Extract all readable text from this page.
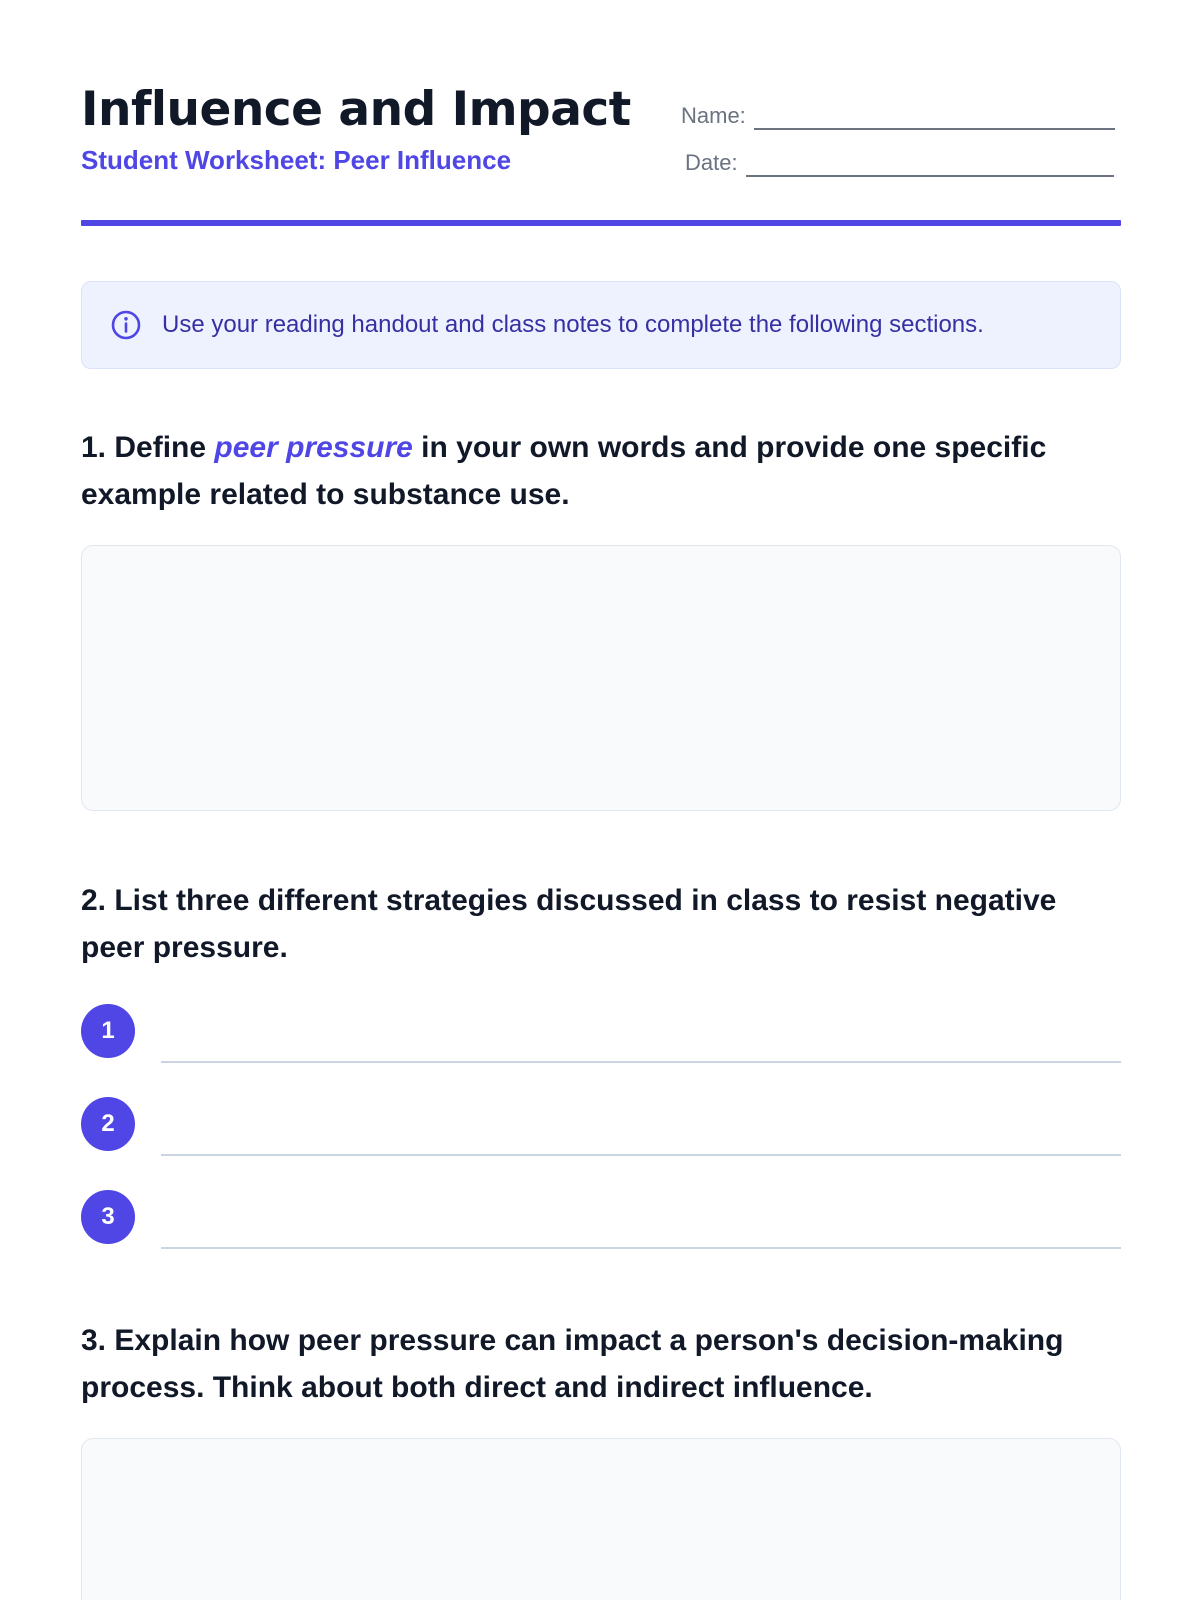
Influence and Impact
Student Worksheet: Peer Influence
Name:
Date:
Use your reading handout and class notes to complete the following sections.

1. Define peer pressure in your own words and provide one specific example related to substance use.

2. List three different strategies discussed in class to resist negative peer pressure.

1
2
3

3. Explain how peer pressure can impact a person's decision-making process. Think about both direct and indirect influence.
